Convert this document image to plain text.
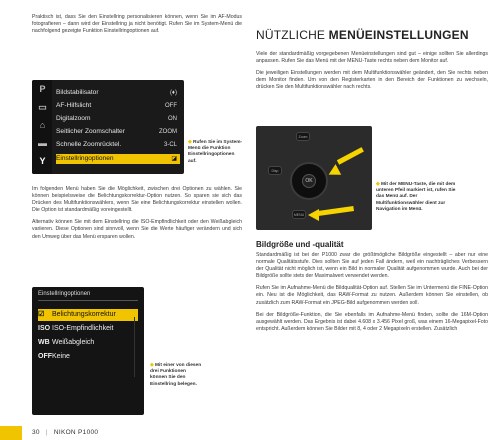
Praktisch ist, dass Sie den Einstellring personalisieren können, wenn Sie im AF-Modus fotografieren – dann wird der Einstellring ja nicht benötigt. Rufen Sie im System-Menü die nachfolgend gezeigte Funktion Einstellringoptionen auf.

P
▭
⌂
▬
Y
Bildstabilisator	(♦)
AF-Hilfslicht	OFF
Digitalzoom	ON
Seitlicher Zoomschalter	ZOOM
Schnelle Zoomrücktel.	3-CL
Einstellringoptionen	◪
◆ Rufen Sie im System-Menü die Funktion Einstellringoptionen auf.

Im folgenden Menü haben Sie die Möglichkeit, zwischen drei Optionen zu wählen. Sie können beispielsweise die Belichtungskorrektur-Option nutzen. So sparen sie sich das Drücken des Multifunktionswählers, wenn Sie eine Belichtungskorrektur einstellen wollen. Die Option ist standardmäßig voreingestellt.

Alternativ können Sie mit dem Einstellring die ISO-Empfindlichkeit oder den Weißabgleich variieren. Diese Optionen sind sinnvoll, wenn Sie die Werte häufiger verändern und sich den Umweg über das Menü ersparen wollen.

Einstellringoptionen
☑ Belichtungskorrektur
ISO ISO-Empfindlichkeit
WB Weißabgleich
OFFKeine
◆ Mit einer von diesen drei Funktionen können Sie den Einstellring belegen.
NÜTZLICHE MENÜEINSTELLUNGEN

Viele der standardmäßig vorgegebenen Menüeinstellungen sind gut – einige sollten Sie allerdings anpassen. Rufen Sie das Menü mit der MENU-Taste rechts neben dem Monitor auf.

Die jeweiligen Einstellungen werden mit dem Multifunktionswähler geändert, den Sie rechts neben dem Monitor finden. Um von den Registerkarten in den Bereich der Funktionen zu wechseln, drücken Sie den Multifunktionswähler nach rechts.

Zoom
Disp
OK
MENU
◆ Mit der MENU-Taste, die mit dem unteren Pfeil markiert ist, rufen Sie das Menü auf. Der Multifunktionswähler dient zur Navigation im Menü.
Bildgröße und -qualität

Standardmäßig ist bei der P1000 zwar die größtmögliche Bildgröße eingestellt – aber nur eine normale Qualitätsstufe. Dies sollten Sie auf jeden Fall ändern, weil ein nachträgliches Verbessern der Qualität nicht möglich ist, wenn ein Bild in normaler Qualität aufgenommen wurde. Auch bei der Bildgröße sollte stets der Maximalwert verwendet werden.

Rufen Sie im Aufnahme-Menü die Bildqualität-Option auf. Stellen Sie im Untermenü die FINE-Option ein. Neu ist die Möglichkeit, das RAW-Format zu nutzen. Außerdem können Sie einstellen, ob zusätzlich zum RAW-Format ein JPEG-Bild aufgenommen werden soll.

Bei der Bildgröße-Funktion, die Sie ebenfalls im Aufnahme-Menü finden, sollte die 16M-Option ausgewählt werden. Das Ergebnis ist dabei 4.608 x 3.456 Pixel groß, was einem 16-Megapixel-Foto entspricht. Außerdem können Sie Bilder mit 8, 4 oder 2 Megapixeln erstellen. Zusätzlich

30 | NIKON P1000
